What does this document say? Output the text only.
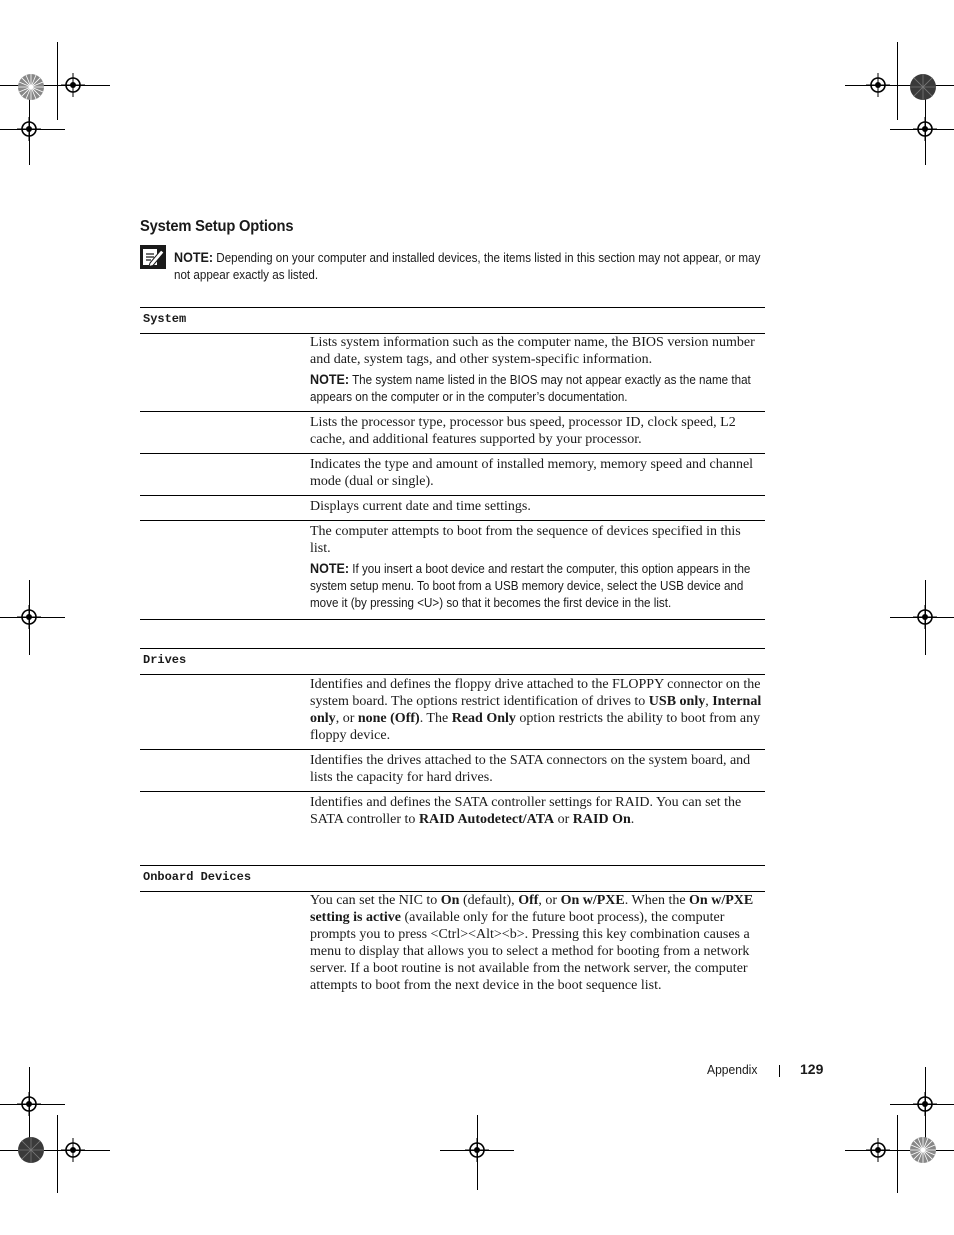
System Setup Options
NOTE: Depending on your computer and installed devices, the items listed in this section may not appear, or may not appear exactly as listed.
System
Lists system information such as the computer name, the BIOS version number and date, system tags, and other system-specific information.
NOTE: The system name listed in the BIOS may not appear exactly as the name that appears on the computer or in the computer’s documentation.
Lists the processor type, processor bus speed, processor ID, clock speed, L2 cache, and additional features supported by your processor.
Indicates the type and amount of installed memory, memory speed and channel mode (dual or single).
Displays current date and time settings.
The computer attempts to boot from the sequence of devices specified in this list.
NOTE: If you insert a boot device and restart the computer, this option appears in the system setup menu. To boot from a USB memory device, select the USB device and move it (by pressing <U>) so that it becomes the first device in the list.
Drives
Identifies and defines the floppy drive attached to the FLOPPY connector on the system board. The options restrict identification of drives to USB only, Internal only, or none (Off). The Read Only option restricts the ability to boot from any floppy device.
Identifies the drives attached to the SATA connectors on the system board, and lists the capacity for hard drives.
Identifies and defines the SATA controller settings for RAID. You can set the SATA controller to RAID Autodetect/ATA or RAID On.
Onboard Devices
You can set the NIC to On (default), Off, or On w/PXE. When the On w/PXE setting is active (available only for the future boot process), the computer prompts you to press <Ctrl><Alt><b>. Pressing this key combination causes a menu to display that allows you to select a method for booting from a network server. If a boot routine is not available from the network server, the computer attempts to boot from the next device in the boot sequence list.
Appendix	129
